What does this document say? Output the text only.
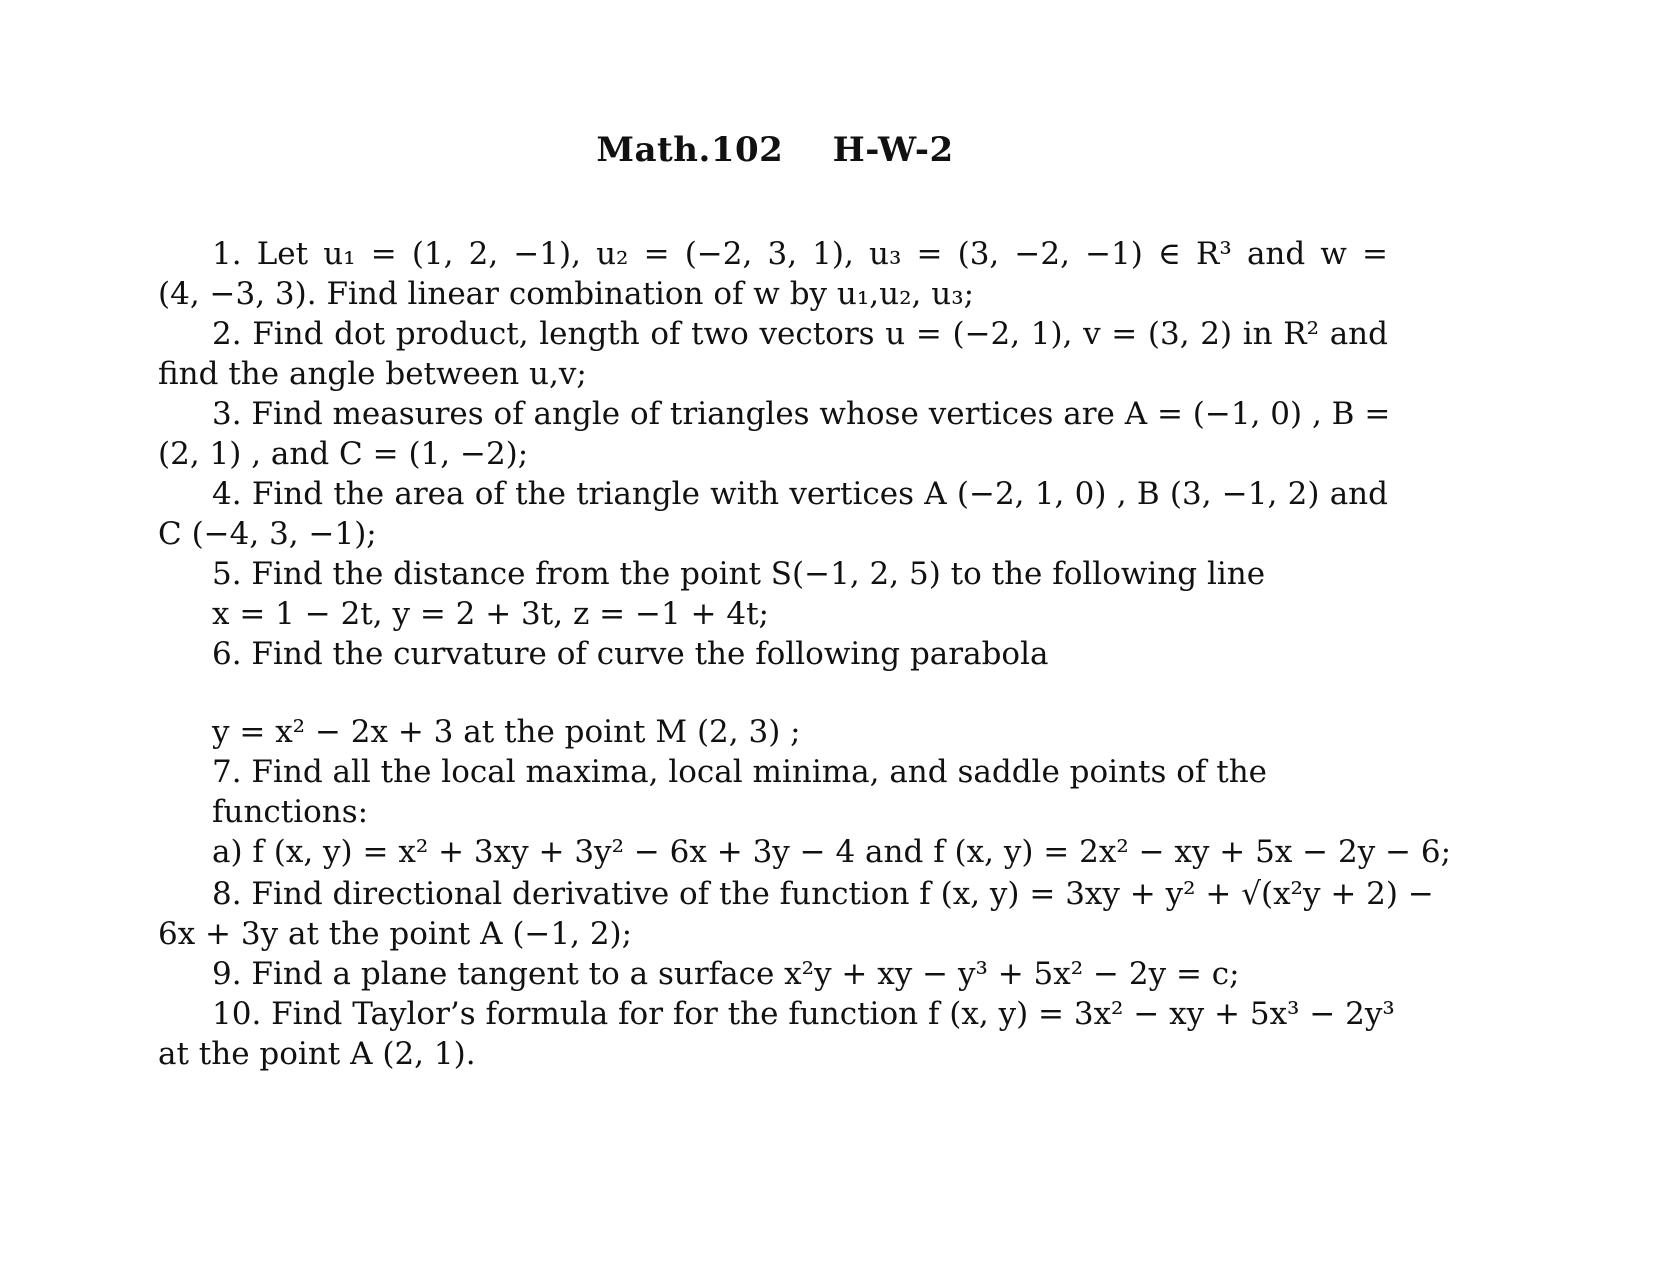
Math.102    H-W-2
1. Let u₁ = (1, 2, −1), u₂ = (−2, 3, 1), u₃ = (3, −2, −1) ∈ R³ and w =
(4, −3, 3). Find linear combination of w by u₁,u₂, u₃;
2. Find dot product, length of two vectors u = (−2, 1), v = (3, 2) in R² and
find the angle between u,v;
3. Find measures of angle of triangles whose vertices are A = (−1, 0) , B =
(2, 1) , and C = (1, −2);
4. Find the area of the triangle with vertices A (−2, 1, 0) , B (3, −1, 2) and
C (−4, 3, −1);
5. Find the distance from the point S(−1, 2, 5) to the following line
x = 1 − 2t, y = 2 + 3t, z = −1 + 4t;
6. Find the curvature of curve the following parabola
y = x² − 2x + 3 at the point M (2, 3) ;
7. Find all the local maxima, local minima, and saddle points of the
functions:
a) f (x, y) = x² + 3xy + 3y² − 6x + 3y − 4 and f (x, y) = 2x² − xy + 5x − 2y − 6;
8. Find directional derivative of the function f (x, y) = 3xy + y² + √(x²y + 2) −
6x + 3y at the point A (−1, 2);
9. Find a plane tangent to a surface x²y + xy − y³ + 5x² − 2y = c;
10. Find Taylor’s formula for for the function f (x, y) = 3x² − xy + 5x³ − 2y³
at the point A (2, 1).
